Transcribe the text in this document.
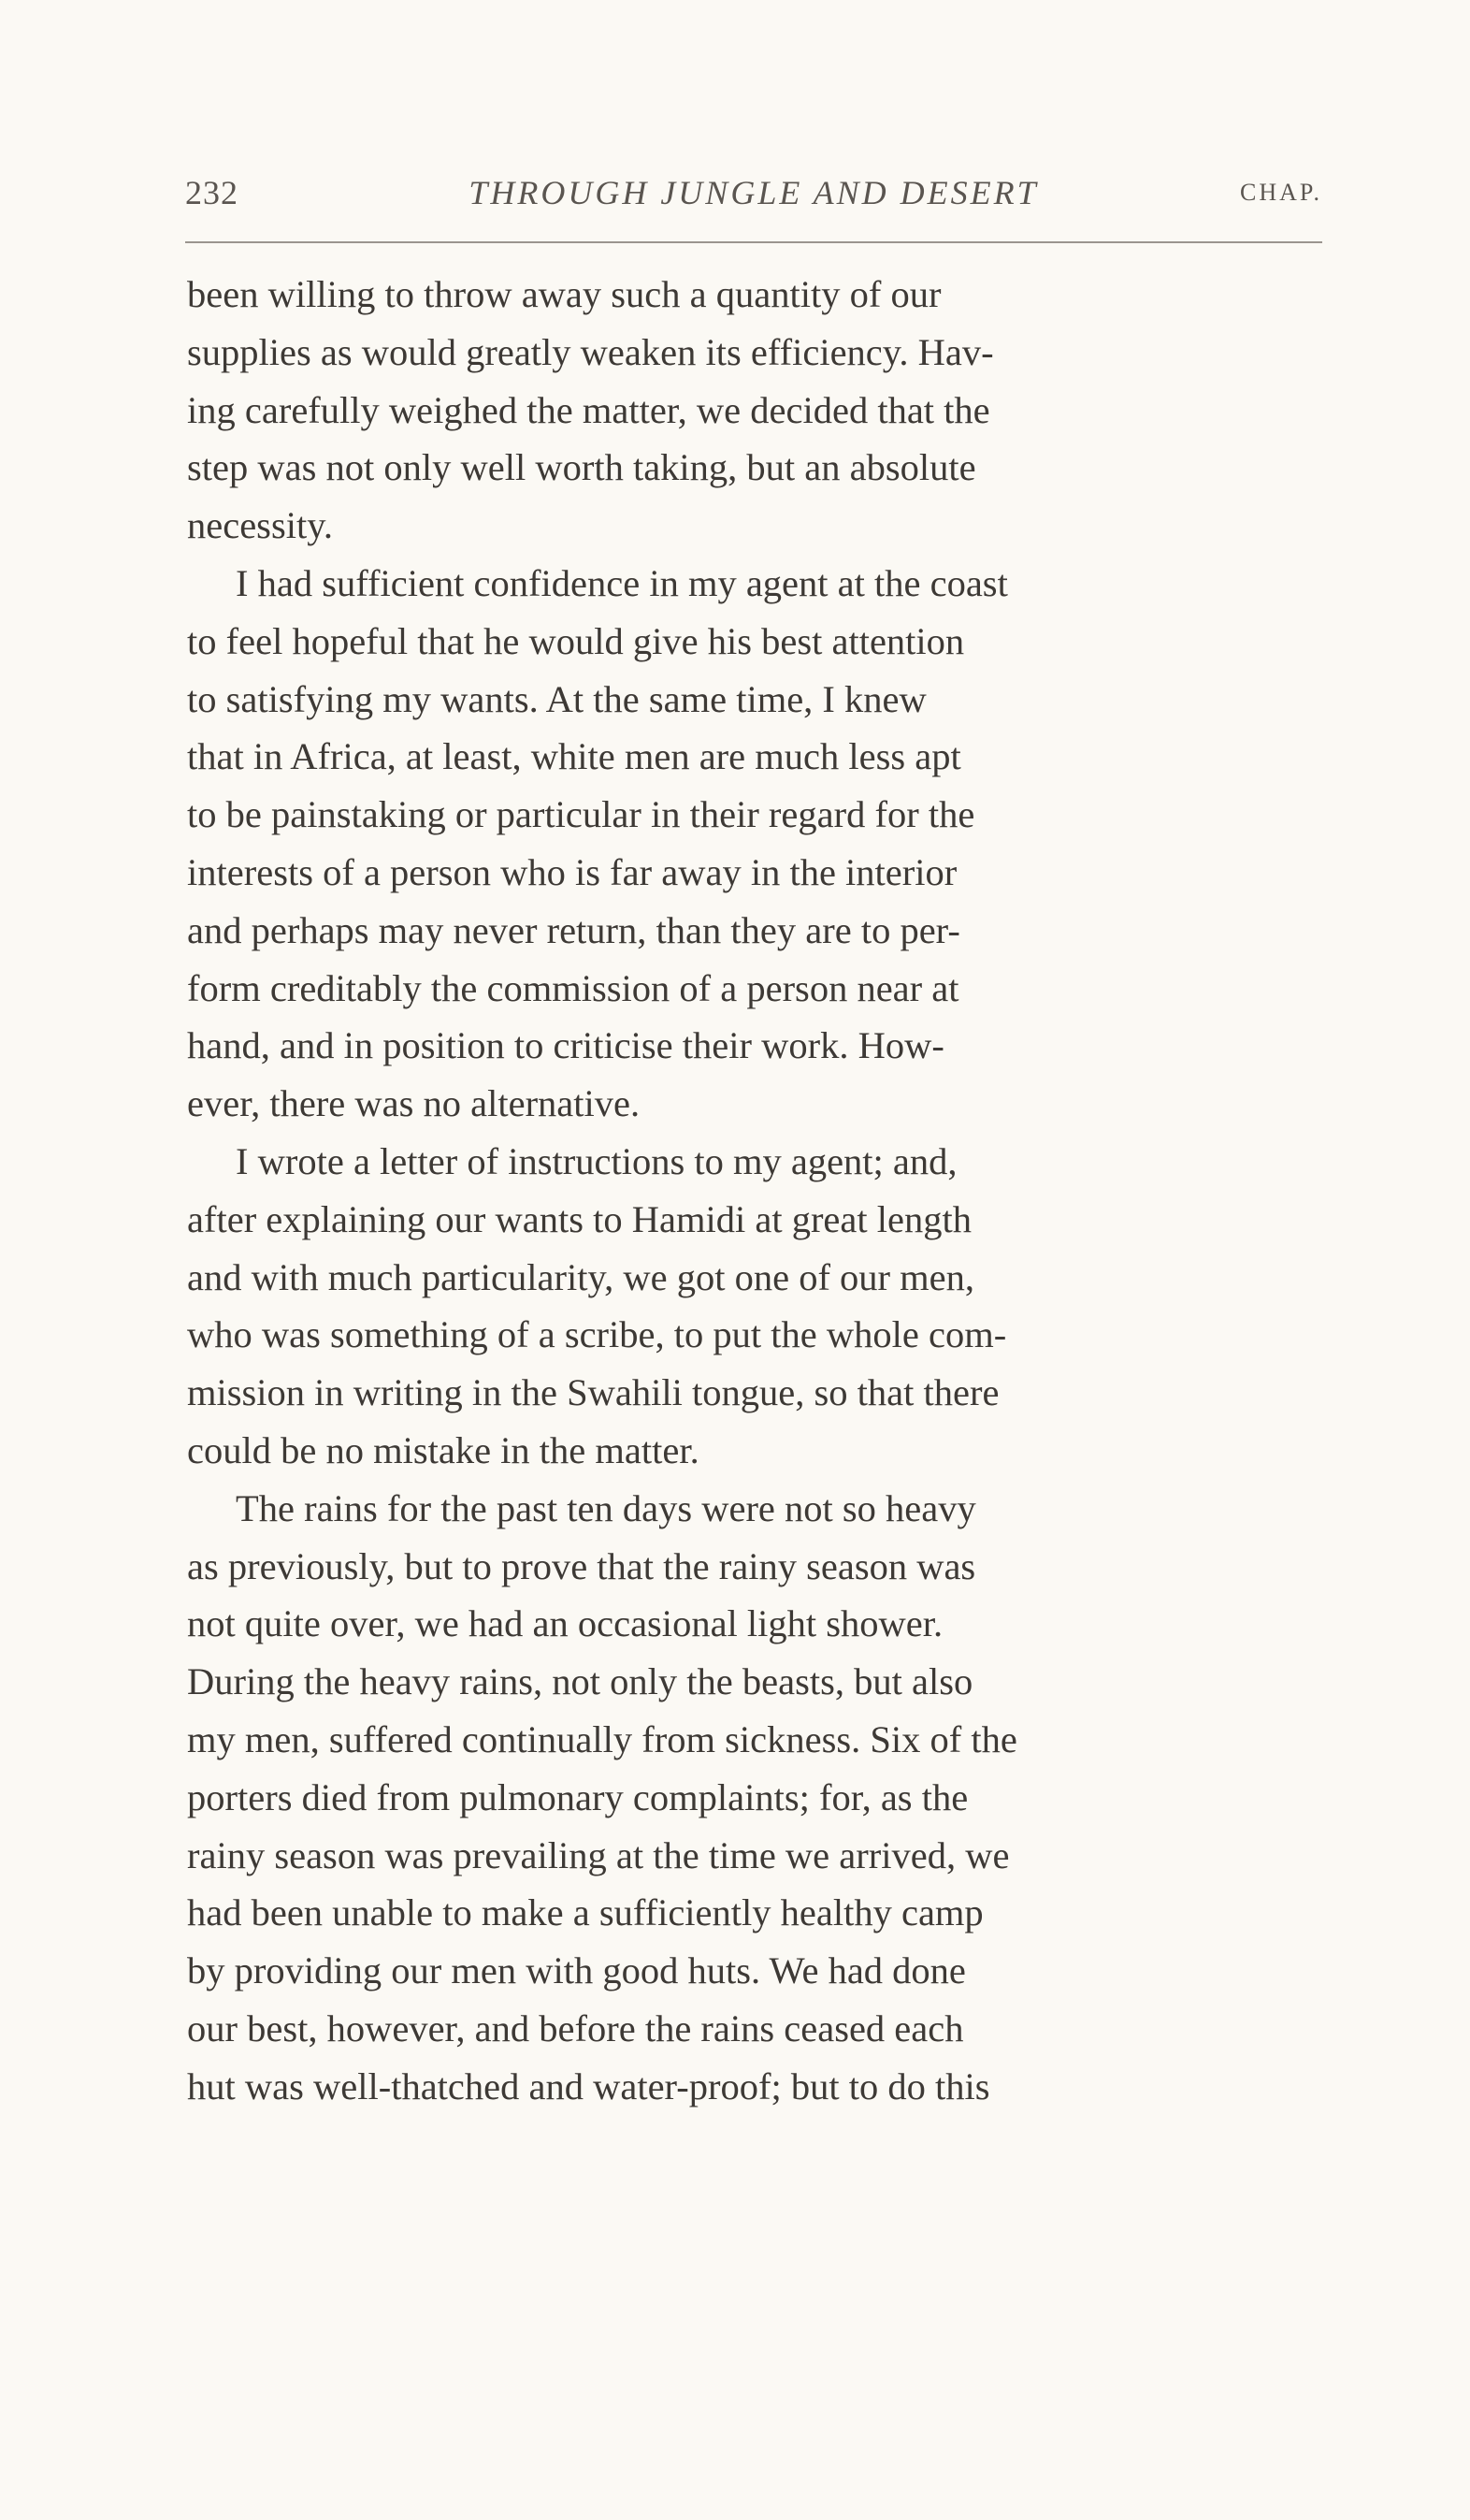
232	THROUGH JUNGLE AND DESERT	CHAP.

been willing to throw away such a quantity of our
supplies as would greatly weaken its efficiency. Hav-
ing carefully weighed the matter, we decided that the
step was not only well worth taking, but an absolute
necessity.

I had sufficient confidence in my agent at the coast
to feel hopeful that he would give his best attention
to satisfying my wants. At the same time, I knew
that in Africa, at least, white men are much less apt
to be painstaking or particular in their regard for the
interests of a person who is far away in the interior
and perhaps may never return, than they are to per-
form creditably the commission of a person near at
hand, and in position to criticise their work. How-
ever, there was no alternative.

I wrote a letter of instructions to my agent; and,
after explaining our wants to Hamidi at great length
and with much particularity, we got one of our men,
who was something of a scribe, to put the whole com-
mission in writing in the Swahili tongue, so that there
could be no mistake in the matter.

The rains for the past ten days were not so heavy
as previously, but to prove that the rainy season was
not quite over, we had an occasional light shower.
During the heavy rains, not only the beasts, but also
my men, suffered continually from sickness. Six of the
porters died from pulmonary complaints; for, as the
rainy season was prevailing at the time we arrived, we
had been unable to make a sufficiently healthy camp
by providing our men with good huts. We had done
our best, however, and before the rains ceased each
hut was well-thatched and water-proof; but to do this
